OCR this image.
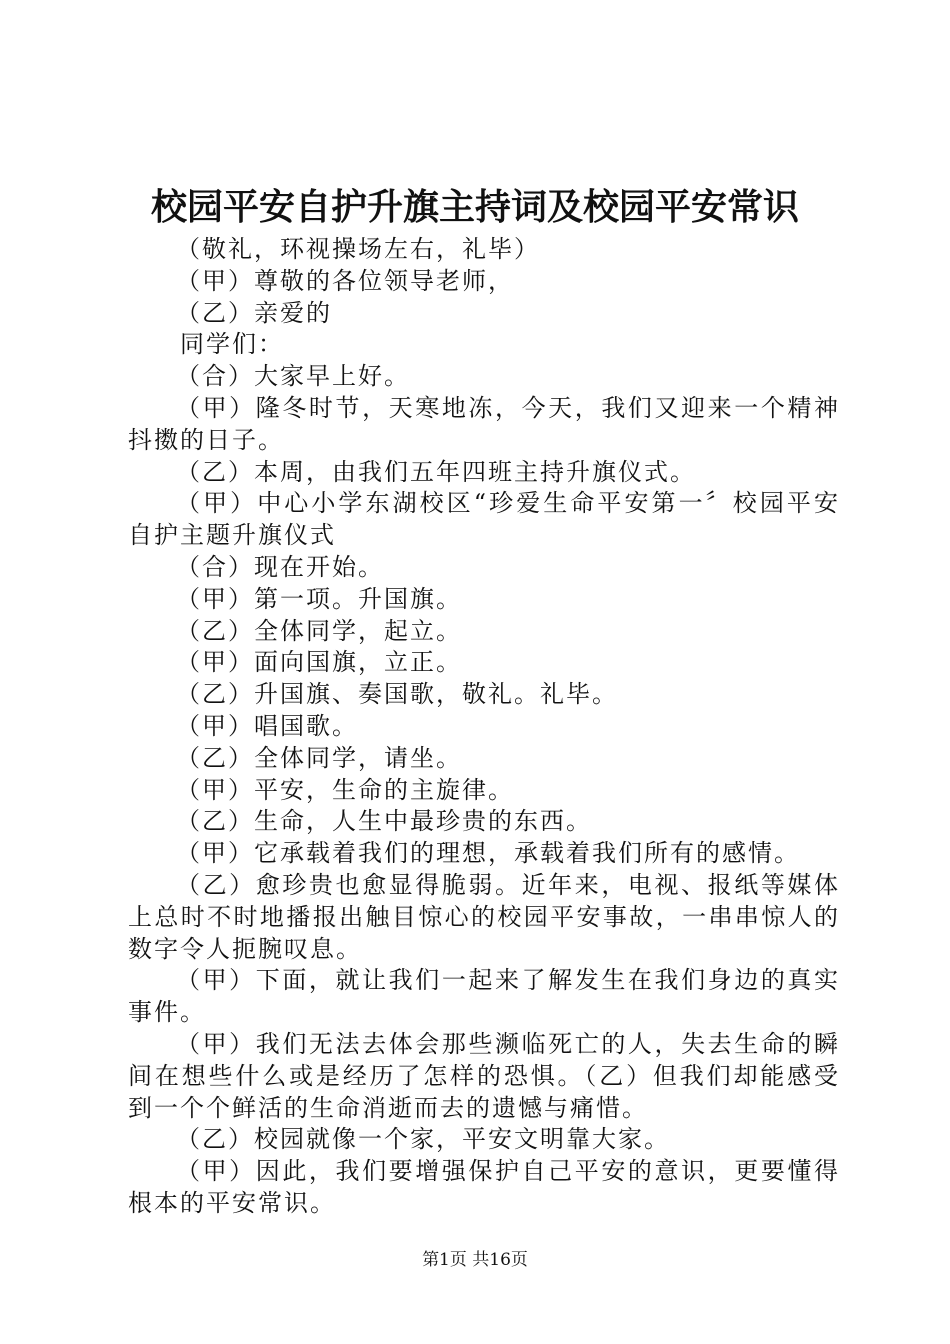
校园平安自护升旗主持词及校园平安常识

（敬礼，环视操场左右，礼毕）

（甲）尊敬的各位领导老师，

（乙）亲爱的

同学们：

（合）大家早上好。

（甲）隆冬时节，天寒地冻，今天，我们又迎来一个精神抖擞的日子。

（乙）本周，由我们五年四班主持升旗仪式。

（甲）中心小学东湖校区“珍爱生命平安第一〞校园平安自护主题升旗仪式

（合）现在开始。

（甲）第一项。升国旗。

（乙）全体同学，起立。

（甲）面向国旗，立正。

（乙）升国旗、奏国歌，敬礼。礼毕。

（甲）唱国歌。

（乙）全体同学，请坐。

（甲）平安，生命的主旋律。

（乙）生命，人生中最珍贵的东西。

（甲）它承载着我们的理想，承载着我们所有的感情。

（乙）愈珍贵也愈显得脆弱。近年来，电视、报纸等媒体上总时不时地播报出触目惊心的校园平安事故，一串串惊人的数字令人扼腕叹息。

（甲）下面，就让我们一起来了解发生在我们身边的真实事件。

（甲）我们无法去体会那些濒临死亡的人，失去生命的瞬间在想些什么或是经历了怎样的恐惧。（乙）但我们却能感受到一个个鲜活的生命消逝而去的遗憾与痛惜。

（乙）校园就像一个家，平安文明靠大家。

（甲）因此，我们要增强保护自己平安的意识，更要懂得根本的平安常识。

第1页 共16页
